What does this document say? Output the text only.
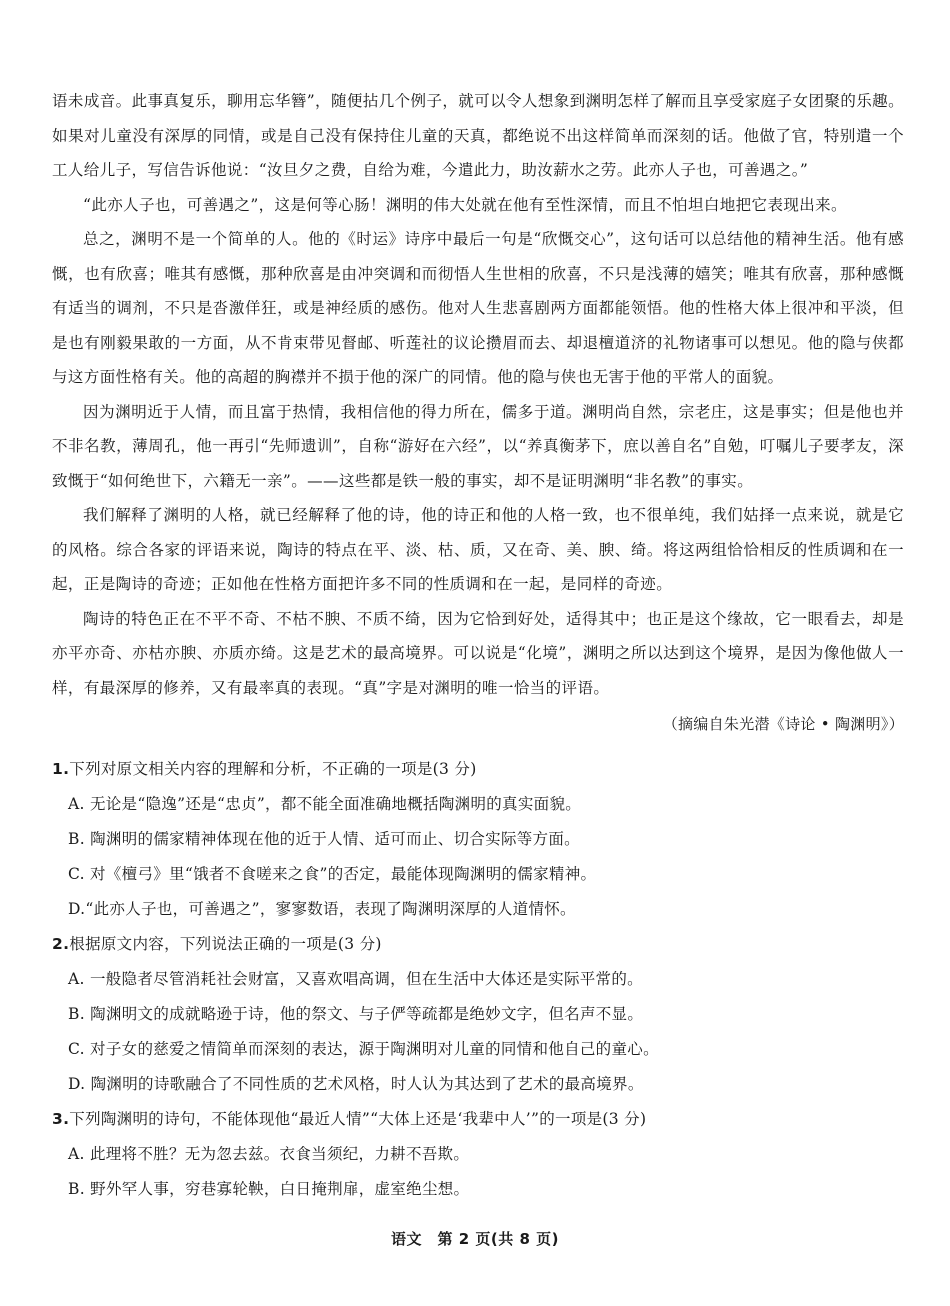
语未成音。此事真复乐，聊用忘华簪”，随便拈几个例子，就可以令人想象到渊明怎样了解而且享受家庭子女团聚的乐趣。如果对儿童没有深厚的同情，或是自己没有保持住儿童的天真，都绝说不出这样简单而深刻的话。他做了官，特别遣一个工人给儿子，写信告诉他说：“汝旦夕之费，自给为难，今遣此力，助汝薪水之劳。此亦人子也，可善遇之。”

“此亦人子也，可善遇之”，这是何等心肠！渊明的伟大处就在他有至性深情，而且不怕坦白地把它表现出来。

总之，渊明不是一个简单的人。他的《时运》诗序中最后一句是“欣慨交心”，这句话可以总结他的精神生活。他有感慨，也有欣喜；唯其有感慨，那种欣喜是由冲突调和而彻悟人生世相的欣喜，不只是浅薄的嬉笑；唯其有欣喜，那种感慨有适当的调剂，不只是沓激佯狂，或是神经质的感伤。他对人生悲喜剧两方面都能领悟。他的性格大体上很冲和平淡，但是也有刚毅果敢的一方面，从不肯束带见督邮、听莲社的议论攒眉而去、却退檀道济的礼物诸事可以想见。他的隐与侠都与这方面性格有关。他的高超的胸襟并不损于他的深广的同情。他的隐与侠也无害于他的平常人的面貌。

因为渊明近于人情，而且富于热情，我相信他的得力所在，儒多于道。渊明尚自然，宗老庄，这是事实；但是他也并不非名教，薄周孔，他一再引“先师遗训”，自称“游好在六经”，以“养真衡茅下，庶以善自名”自勉，叮嘱儿子要孝友，深致慨于“如何绝世下，六籍无一亲”。——这些都是铁一般的事实，却不是证明渊明“非名教”的事实。

我们解释了渊明的人格，就已经解释了他的诗，他的诗正和他的人格一致，也不很单纯，我们姑择一点来说，就是它的风格。综合各家的评语来说，陶诗的特点在平、淡、枯、质，又在奇、美、腴、绮。将这两组恰恰相反的性质调和在一起，正是陶诗的奇迹；正如他在性格方面把许多不同的性质调和在一起，是同样的奇迹。

陶诗的特色正在不平不奇、不枯不腴、不质不绮，因为它恰到好处，适得其中；也正是这个缘故，它一眼看去，却是亦平亦奇、亦枯亦腴、亦质亦绮。这是艺术的最高境界。可以说是“化境”，渊明之所以达到这个境界，是因为像他做人一样，有最深厚的修养，又有最率真的表现。“真”字是对渊明的唯一恰当的评语。

（摘编自朱光潜《诗论 • 陶渊明》）

1.下列对原文相关内容的理解和分析，不正确的一项是(3 分)

A. 无论是“隐逸”还是“忠贞”，都不能全面准确地概括陶渊明的真实面貌。

B. 陶渊明的儒家精神体现在他的近于人情、适可而止、切合实际等方面。

C. 对《檀弓》里“饿者不食嗟来之食”的否定，最能体现陶渊明的儒家精神。

D.“此亦人子也，可善遇之”，寥寥数语，表现了陶渊明深厚的人道情怀。

2.根据原文内容，下列说法正确的一项是(3 分)

A. 一般隐者尽管消耗社会财富，又喜欢唱高调，但在生活中大体还是实际平常的。

B. 陶渊明文的成就略逊于诗，他的祭文、与子俨等疏都是绝妙文字，但名声不显。

C. 对子女的慈爱之情简单而深刻的表达，源于陶渊明对儿童的同情和他自己的童心。

D. 陶渊明的诗歌融合了不同性质的艺术风格，时人认为其达到了艺术的最高境界。

3.下列陶渊明的诗句，不能体现他“最近人情”“大体上还是‘我辈中人’”的一项是(3 分)

A. 此理将不胜？无为忽去兹。衣食当须纪，力耕不吾欺。

B. 野外罕人事，穷巷寡轮鞅，白日掩荆扉，虚室绝尘想。

语文　第 2 页(共 8 页)
